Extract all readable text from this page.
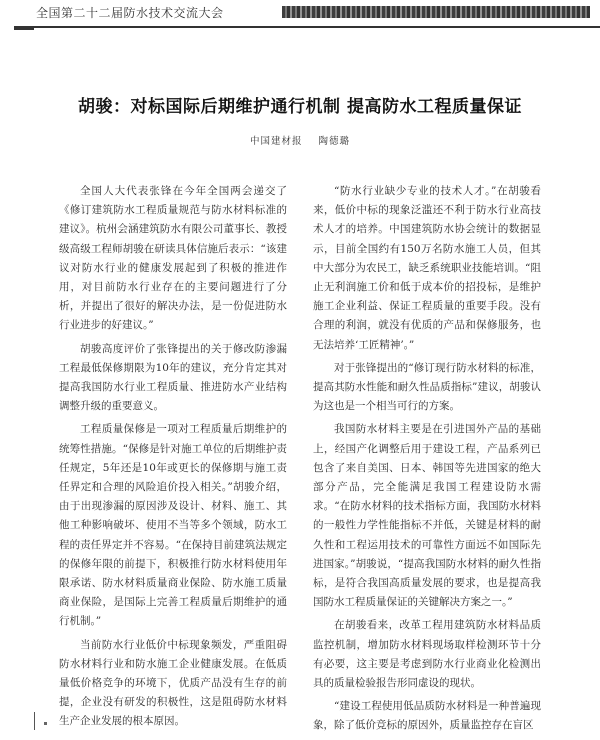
全国第二十二届防水技术交流大会
胡骏：对标国际后期维护通行机制 提高防水工程质量保证
中国建材报 陶德璐

全国人大代表张锋在今年全国两会递交了《修订建筑防水工程质量规范与防水材料标准的建议》。杭州会涵建筑防水有限公司董事长、教授级高级工程师胡骏在研读具体信施后表示：“该建议对防水行业的健康发展起到了积极的推进作用，对目前防水行业存在的主要问题进行了分析，并提出了很好的解决办法，是一份促进防水行业进步的好建议。”

胡骏高度评价了张锋提出的关于修改防渗漏工程最低保修期限为10年的建议，充分肯定其对提高我国防水行业工程质量、推进防水产业结构调整升级的重要意义。

工程质量保修是一项对工程质量后期维护的统筹性措施。“保修是针对施工单位的后期维护责任规定，5年还是10年或更长的保修期与施工责任界定和合理的风险追价投入相关。”胡骏介绍，由于出现渗漏的原因涉及设计、材料、施工、其他工种影响破坏、使用不当等多个领域，防水工程的责任界定并不容易。“在保持目前建筑法规定的保修年限的前提下，积极推行防水材料使用年限承诺、防水材料质量商业保险、防水施工质量商业保险，是国际上完善工程质量后期维护的通行机制。”

当前防水行业低价中标现象频发，严重阻碍防水材料行业和防水施工企业健康发展。在低质量低价格竞争的环境下，优质产品没有生存的前提，企业没有研发的积极性，这是阻碍防水材料生产企业发展的根本原因。

“防水行业缺少专业的技术人才。”在胡骏看来，低价中标的现象泛滥还不利于防水行业高技术人才的培养。中国建筑防水协会统计的数据显示，目前全国约有150万名防水施工人员，但其中大部分为农民工，缺乏系统职业技能培训。“阻止无利润施工价和低于成本价的招投标，是维护施工企业利益、保证工程质量的重要手段。没有合理的利润，就没有优质的产品和保修服务，也无法培养‘工匠精神’。”

对于张锋提出的“修订现行防水材料的标准，提高其防水性能和耐久性品质指标”建议，胡骏认为这也是一个相当可行的方案。

我国防水材料主要是在引进国外产品的基础上，经国产化调整后用于建设工程，产品系列已包含了来自美国、日本、韩国等先进国家的绝大部分产品，完全能满足我国工程建设防水需求。“在防水材料的技术指标方面，我国防水材料的一般性力学性能指标不并低，关键是材料的耐久性和工程运用技术的可靠性方面远不如国际先进国家。”胡骏说，“提高我国防水材料的耐久性指标，是符合我国高质量发展的要求，也是提高我国防水工程质量保证的关键解决方案之一。”

在胡骏看来，改革工程用建筑防水材料品质监控机制，增加防水材料现场取样检测环节十分有必要，这主要是考虑到防水行业商业化检测出具的质量检验报告形同虚设的现状。

“建设工程使用低品质防水材料是一种普遍现象，除了低价竞标的原因外，质量监控存在盲区
